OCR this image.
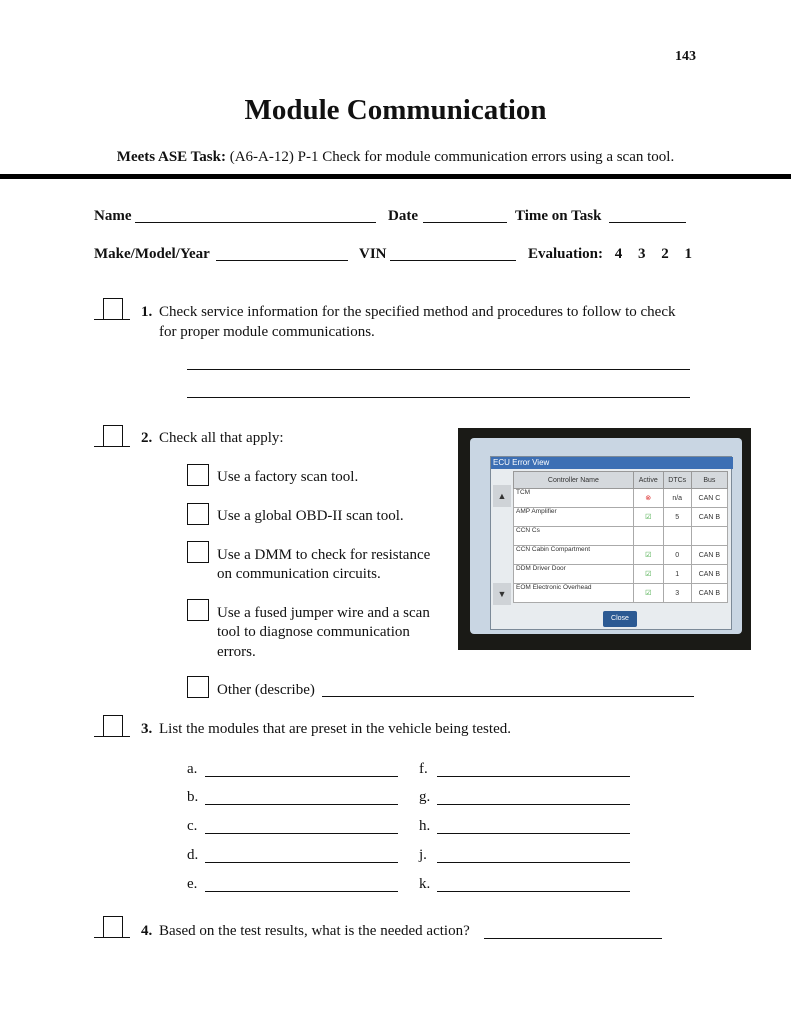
143
Module Communication
Meets ASE Task: (A6-A-12) P-1 Check for module communication errors using a scan tool.
Name	Date	Time on Task
Make/Model/Year	VIN	Evaluation: 4 3 2 1
1. Check service information for the specified method and procedures to follow to check
for proper module communications.
2. Check all that apply:
Use a factory scan tool.
Use a global OBD-II scan tool.
Use a DMM to check for resistance
on communication circuits.
Use a fused jumper wire and a scan
tool to diagnose communication
errors.
Other (describe)
ECU Error View
▲
▼
Controller Name	Active	DTCs	Bus
TCM	⊗	n/a	CAN C
AMP Amplifier	☑	5	CAN B
CCN Cs			
CCN Cabin Compartment	☑	0	CAN B
DDM Driver Door	☑	1	CAN B
EOM Electronic Overhead	☑	3	CAN B
Close
3. List the modules that are preset in the vehicle being tested.
a.	f.
b.	g.
c.	h.
d.	j.
e.	k.
4. Based on the test results, what is the needed action?
